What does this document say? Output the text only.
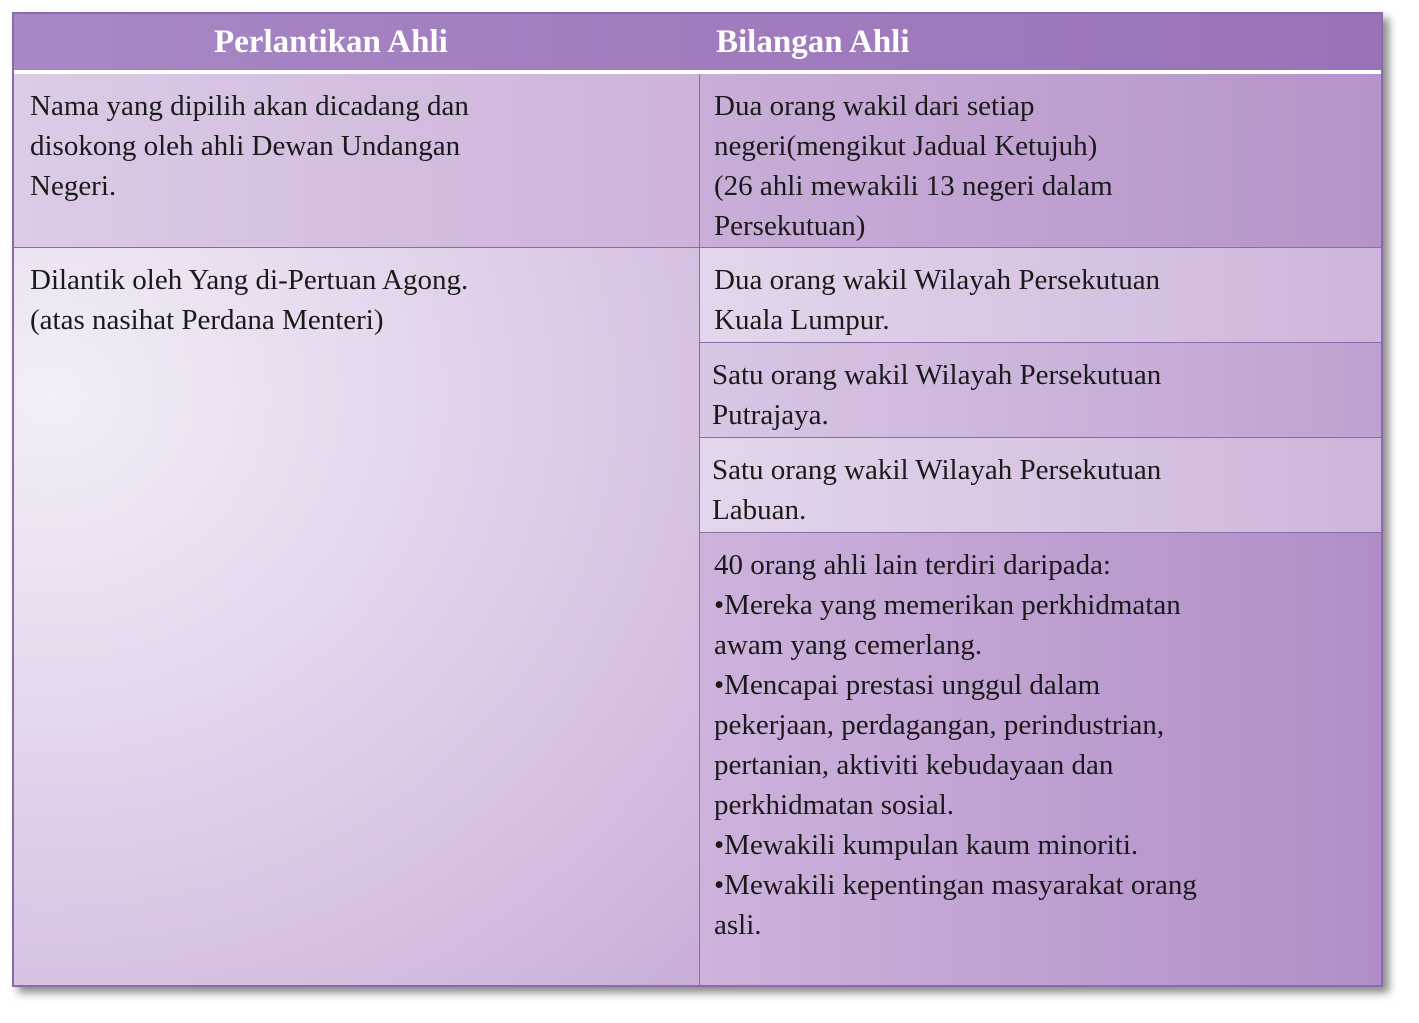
Perlantikan Ahli	Bilangan Ahli
Nama yang dipilih akan dicadang dan
disokong oleh ahli Dewan Undangan
Negeri.
Dua orang wakil dari setiap
negeri(mengikut Jadual Ketujuh)
(26 ahli mewakili 13 negeri dalam
Persekutuan)
Dilantik oleh Yang di-Pertuan Agong.
(atas nasihat Perdana Menteri)
Dua orang wakil Wilayah Persekutuan
Kuala Lumpur.
Satu orang wakil Wilayah Persekutuan
Putrajaya.
Satu orang wakil Wilayah Persekutuan
Labuan.
40 orang ahli lain terdiri daripada:
•Mereka yang memerikan perkhidmatan
awam yang cemerlang.
•Mencapai prestasi unggul dalam
pekerjaan, perdagangan, perindustrian,
pertanian, aktiviti kebudayaan dan
perkhidmatan sosial.
•Mewakili kumpulan kaum minoriti.
•Mewakili kepentingan masyarakat orang
asli.
